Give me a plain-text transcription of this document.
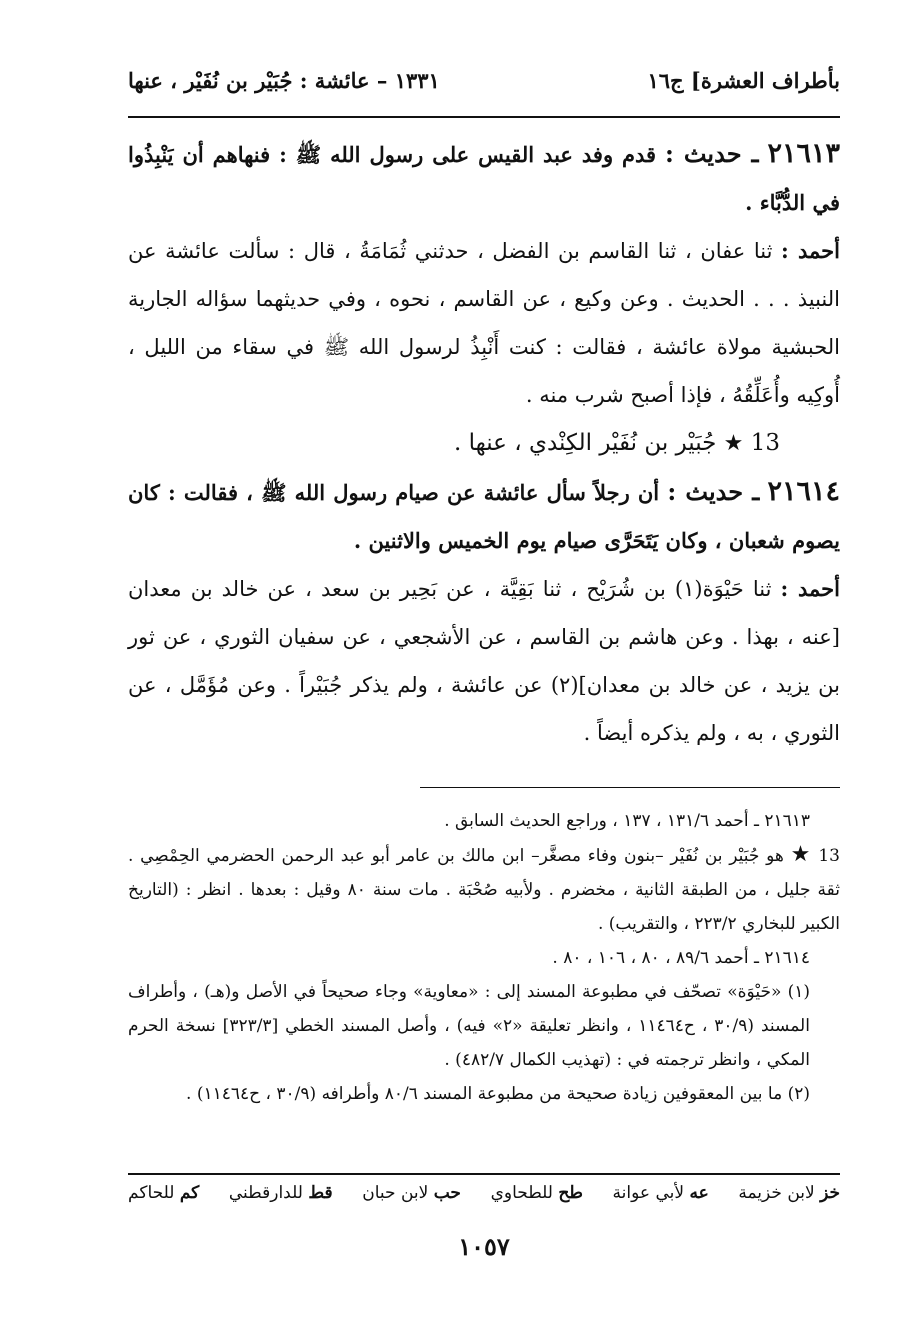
بأطراف العشرة] ج١٦
١٣٣١ – عائشة : جُبَيْر بن نُفَيْر ، عنها

٢١٦١٣ ـ حديث : قدم وفد عبد القيس على رسول الله ﷺ : فنهاهم أن يَنْبِذُوا في الدُّبَّاء .

أحمد : ثنا عفان ، ثنا القاسم بن الفضل ، حدثني ثُمَامَةُ ، قال : سألت عائشة عن النبيذ . . . الحديث . وعن وكيع ، عن القاسم ، نحوه ، وفي حديثهما سؤاله الجارية الحبشية مولاة عائشة ، فقالت : كنت أَنْبِذُ لرسول الله ﷺ في سقاء من الليل ، أُوكِيه وأُعَلِّقُهُ ، فإذا أصبح شرب منه .

13 ★ جُبَيْر بن نُفَيْر الكِنْدي ، عنها .

٢١٦١٤ ـ حديث : أن رجلاً سأل عائشة عن صيام رسول الله ﷺ ، فقالت : كان يصوم شعبان ، وكان يَتَحَرَّى صيام يوم الخميس والاثنين .

أحمد : ثنا حَيْوَة(١) بن شُرَيْح ، ثنا بَقِيَّة ، عن بَحِير بن سعد ، عن خالد بن معدان [عنه ، بهذا . وعن هاشم بن القاسم ، عن الأشجعي ، عن سفيان الثوري ، عن ثور بن يزيد ، عن خالد بن معدان](٢) عن عائشة ، ولم يذكر جُبَيْراً . وعن مُؤَمَّل ، عن الثوري ، به ، ولم يذكره أيضاً .

٢١٦١٣ ـ أحمد ١٣١/٦ ، ١٣٧ ، وراجع الحديث السابق .

13 ★ هو جُبَيْر بن نُفَيْر –بنون وفاء مصغَّر– ابن مالك بن عامر أبو عبد الرحمن الحضرمي الحِمْصِي . ثقة جليل ، من الطبقة الثانية ، مخضرم . ولأبيه صُحْبَة . مات سنة ٨٠ وقيل : بعدها . انظر : (التاريخ الكبير للبخاري ٢٢٣/٢ ، والتقريب) .

٢١٦١٤ ـ أحمد ٨٩/٦ ، ٨٠ ، ١٠٦ ، ٨٠ .

(١) «حَيْوَة» تصحّف في مطبوعة المسند إلى : «معاوية» وجاء صحيحاً في الأصل و(هـ) ، وأطراف المسند (٣٠/٩ ، ح١١٤٦٤ ، وانظر تعليقة «٢» فيه) ، وأصل المسند الخطي [٣٢٣/٣] نسخة الحرم المكي ، وانظر ترجمته في : (تهذيب الكمال ٤٨٢/٧) .

(٢) ما بين المعقوفين زيادة صحيحة من مطبوعة المسند ٨٠/٦ وأطرافه (٣٠/٩ ، ح١١٤٦٤) .

خز لابن خزيمة
عه لأبي عوانة
طح للطحاوي
حب لابن حبان
قط للدارقطني
كم للحاكم
١٠٥٧
